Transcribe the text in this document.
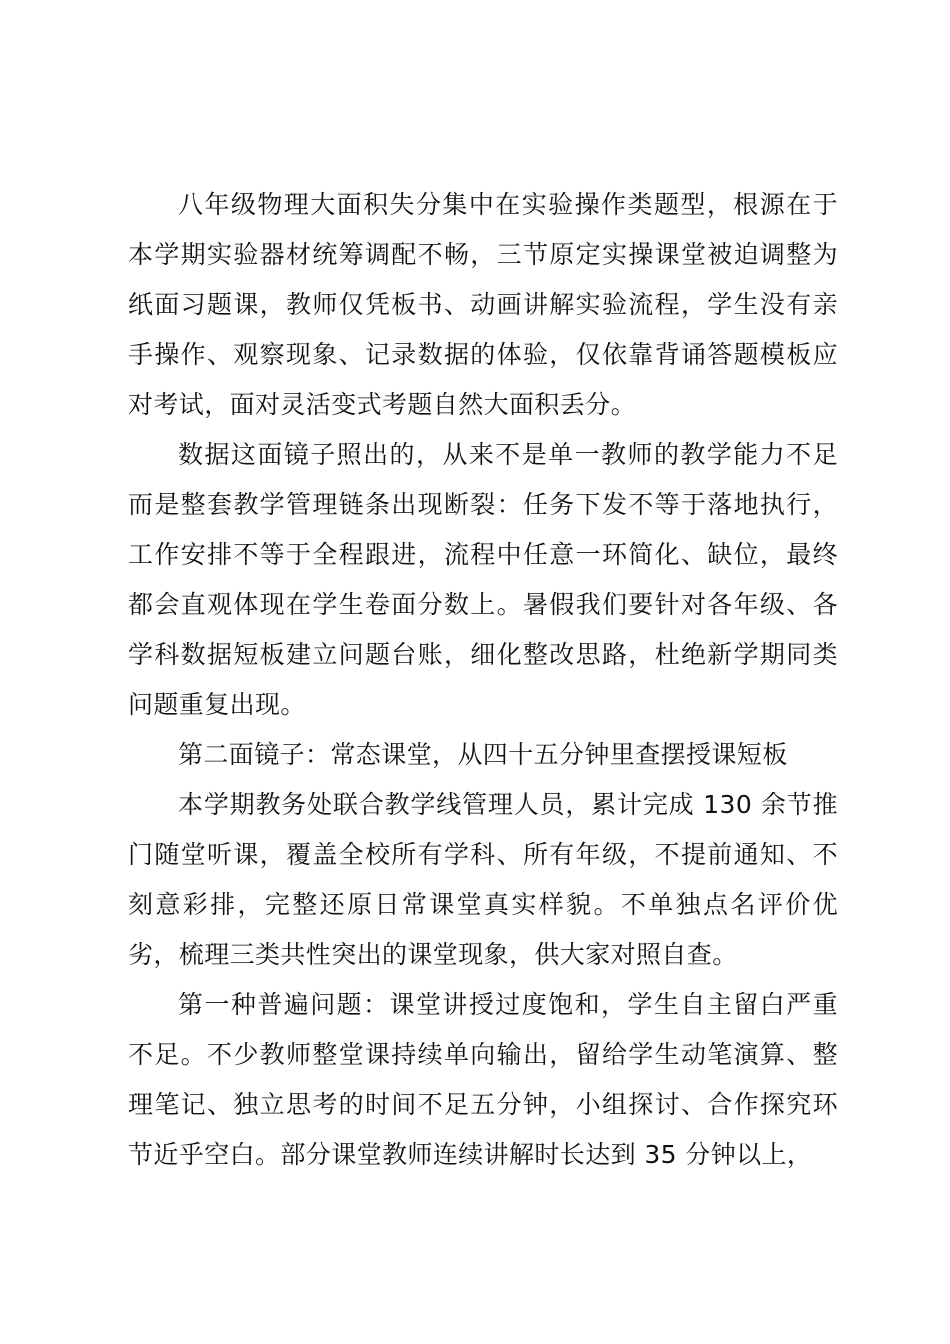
八年级物理大面积失分集中在实验操作类题型，根源在于本学期实验器材统筹调配不畅，三节原定实操课堂被迫调整为纸面习题课，教师仅凭板书、动画讲解实验流程，学生没有亲手操作、观察现象、记录数据的体验，仅依靠背诵答题模板应对考试，面对灵活变式考题自然大面积丢分。

数据这面镜子照出的，从来不是单一教师的教学能力不足而是整套教学管理链条出现断裂：任务下发不等于落地执行，工作安排不等于全程跟进，流程中任意一环简化、缺位，最终都会直观体现在学生卷面分数上。暑假我们要针对各年级、各学科数据短板建立问题台账，细化整改思路，杜绝新学期同类问题重复出现。

第二面镜子：常态课堂，从四十五分钟里查摆授课短板

本学期教务处联合教学线管理人员，累计完成 130 余节推门随堂听课，覆盖全校所有学科、所有年级，不提前通知、不刻意彩排，完整还原日常课堂真实样貌。不单独点名评价优劣，梳理三类共性突出的课堂现象，供大家对照自查。

第一种普遍问题：课堂讲授过度饱和，学生自主留白严重不足。不少教师整堂课持续单向输出，留给学生动笔演算、整理笔记、独立思考的时间不足五分钟，小组探讨、合作探究环节近乎空白。部分课堂教师连续讲解时长达到 35 分钟以上，
